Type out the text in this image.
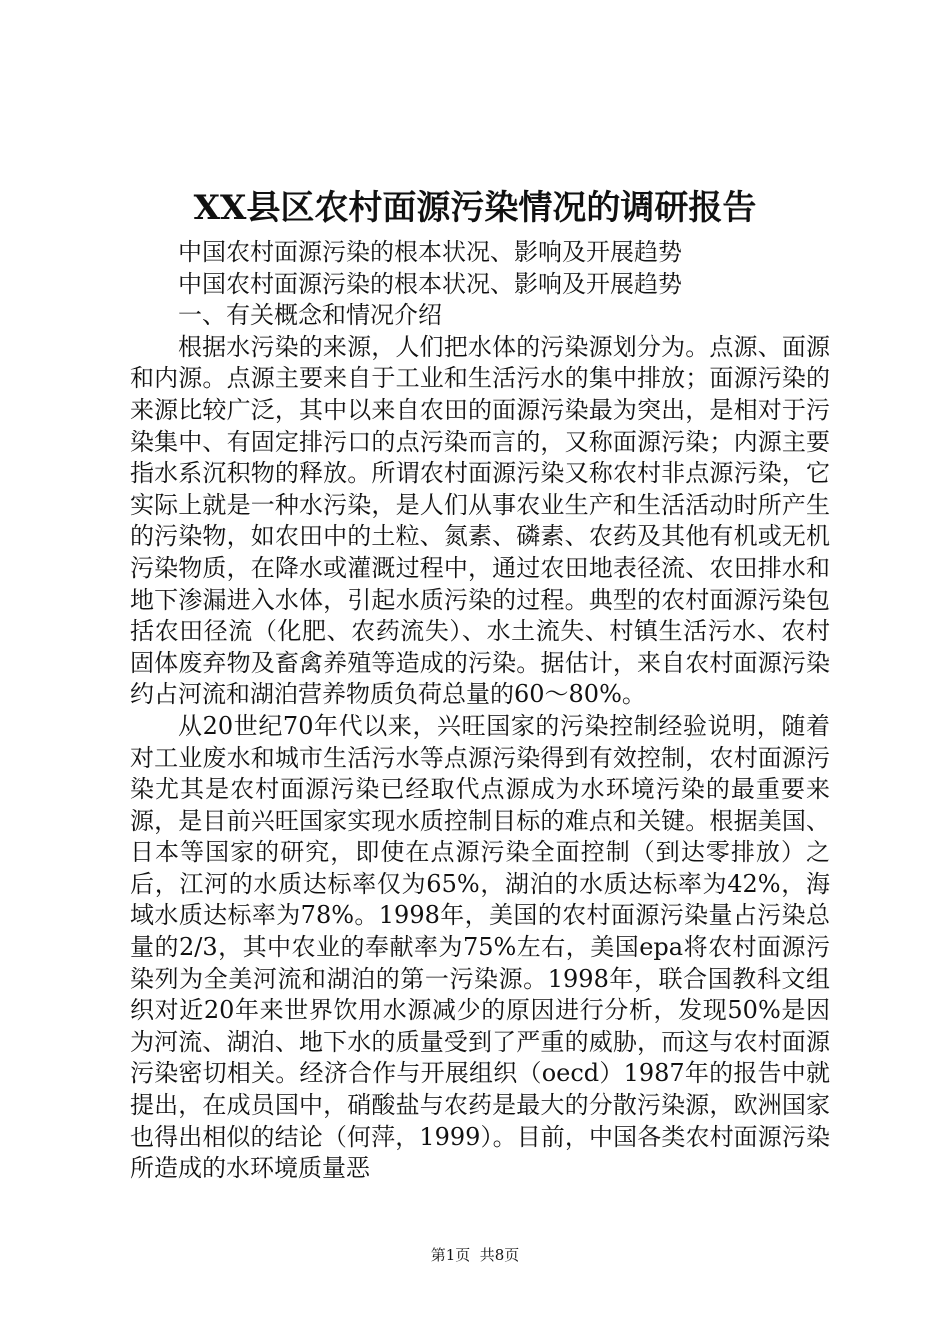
XX县区农村面源污染情况的调研报告

中国农村面源污染的根本状况、影响及开展趋势

中国农村面源污染的根本状况、影响及开展趋势

一、有关概念和情况介绍

根据水污染的来源，人们把水体的污染源划分为。点源、面源和内源。点源主要来自于工业和生活污水的集中排放；面源污染的来源比较广泛，其中以来自农田的面源污染最为突出，是相对于污染集中、有固定排污口的点污染而言的，又称面源污染；内源主要指水系沉积物的释放。所谓农村面源污染又称农村非点源污染，它实际上就是一种水污染，是人们从事农业生产和生活活动时所产生的污染物，如农田中的土粒、氮素、磷素、农药及其他有机或无机污染物质，在降水或灌溉过程中，通过农田地表径流、农田排水和地下渗漏进入水体，引起水质污染的过程。典型的农村面源污染包括农田径流（化肥、农药流失）、水土流失、村镇生活污水、农村固体废弃物及畜禽养殖等造成的污染。据估计，来自农村面源污染约占河流和湖泊营养物质负荷总量的60～80%。

从20世纪70年代以来，兴旺国家的污染控制经验说明，随着对工业废水和城市生活污水等点源污染得到有效控制，农村面源污染尤其是农村面源污染已经取代点源成为水环境污染的最重要来源，是目前兴旺国家实现水质控制目标的难点和关键。根据美国、日本等国家的研究，即使在点源污染全面控制（到达零排放）之后，江河的水质达标率仅为65%，湖泊的水质达标率为42%，海域水质达标率为78%。1998年，美国的农村面源污染量占污染总量的2/3，其中农业的奉献率为75%左右，美国epa将农村面源污染列为全美河流和湖泊的第一污染源。1998年，联合国教科文组织对近20年来世界饮用水源减少的原因进行分析，发现50%是因为河流、湖泊、地下水的质量受到了严重的威胁，而这与农村面源污染密切相关。经济合作与开展组织（oecd）1987年的报告中就提出，在成员国中，硝酸盐与农药是最大的分散污染源，欧洲国家也得出相似的结论（何萍，1999）。目前，中国各类农村面源污染所造成的水环境质量恶

第1页  共8页
